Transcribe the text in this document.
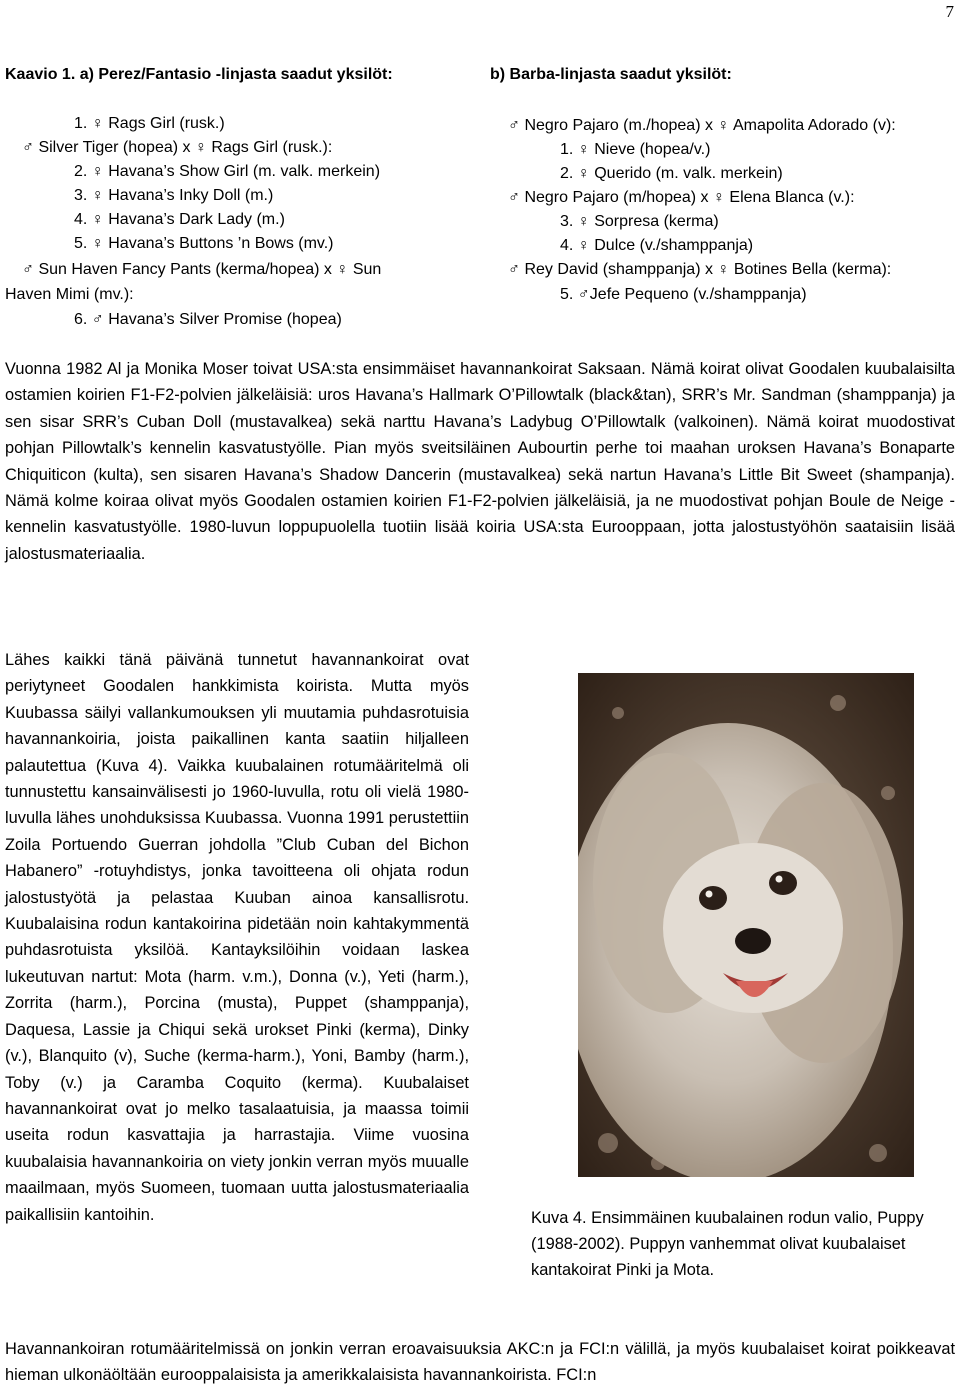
7
Kaavio 1. a) Perez/Fantasio -linjasta saadut yksilöt:	b) Barba-linjasta saadut yksilöt:
1. ♀ Rags Girl (rusk.)
♂ Silver Tiger (hopea) x ♀ Rags Girl (rusk.):
2. ♀ Havana’s Show Girl (m. valk. merkein)
3. ♀ Havana’s Inky Doll (m.)
4. ♀ Havana’s Dark Lady (m.)
5. ♀ Havana’s Buttons ’n Bows (mv.)
♂ Sun Haven Fancy Pants (kerma/hopea) x ♀ Sun
Haven Mimi (mv.):
6. ♂ Havana’s Silver Promise (hopea)
♂ Negro Pajaro (m./hopea) x ♀ Amapolita Adorado (v):
1. ♀ Nieve (hopea/v.)
2. ♀ Querido (m. valk. merkein)
♂ Negro Pajaro (m/hopea) x ♀ Elena Blanca (v.):
3. ♀ Sorpresa (kerma)
4. ♀ Dulce (v./shamppanja)
♂ Rey David (shamppanja) x ♀ Botines Bella (kerma):
5. ♂Jefe Pequeno (v./shamppanja)

Vuonna 1982 Al ja Monika Moser toivat USA:sta ensimmäiset havannankoirat Saksaan. Nämä koirat olivat Goodalen kuubalaisilta ostamien koirien F1-F2-polvien jälkeläisiä: uros Havana’s Hallmark O’Pillowtalk (black&tan), SRR’s Mr. Sandman (shamppanja) ja sen sisar SRR’s Cuban Doll (mustavalkea) sekä narttu Havana’s Ladybug O’Pillowtalk (valkoinen). Nämä koirat muodostivat pohjan Pillowtalk’s kennelin kasvatustyölle. Pian myös sveitsiläinen Aubourtin perhe toi maahan uroksen Havana’s Bonaparte Chiquiticon (kulta), sen sisaren Havana’s Shadow Dancerin (mustavalkea) sekä nartun Havana’s Little Bit Sweet (shampanja). Nämä kolme koiraa olivat myös Goodalen ostamien koirien F1-F2-polvien jälkeläisiä, ja ne muodostivat pohjan Boule de Neige -kennelin kasvatustyölle. 1980-luvun loppupuolella tuotiin lisää koiria USA:sta Eurooppaan, jotta jalostustyöhön saataisiin lisää jalostusmateriaalia.

Lähes kaikki tänä päivänä tunnetut havannankoirat ovat periytyneet Goodalen hankkimista koirista. Mutta myös Kuubassa säilyi vallankumouksen yli muutamia puhdasrotuisia havannankoiria, joista paikallinen kanta saatiin hiljalleen palautettua (Kuva 4). Vaikka kuubalainen rotumääritelmä oli tunnustettu kansainvälisesti jo 1960-luvulla, rotu oli vielä 1980-luvulla lähes unohduksissa Kuubassa. Vuonna 1991 perustettiin Zoila Portuendo Guerran johdolla ”Club Cuban del Bichon Habanero” -rotuyhdistys, jonka tavoitteena oli ohjata rodun jalostustyötä ja pelastaa Kuuban ainoa kansallisrotu. Kuubalaisina rodun kantakoirina pidetään noin kahtakymmentä puhdasrotuista yksilöä. Kantayksilöihin voidaan laskea lukeutuvan nartut: Mota (harm. v.m.), Donna (v.), Yeti (harm.), Zorrita (harm.), Porcina (musta), Puppet (shamppanja), Daquesa, Lassie ja Chiqui sekä urokset Pinki (kerma), Dinky (v.), Blanquito (v), Suche (kerma-harm.), Yoni, Bamby (harm.), Toby (v.) ja Caramba Coquito (kerma). Kuubalaiset havannankoirat ovat jo melko tasalaatuisia, ja maassa toimii useita rodun kasvattajia ja harrastajia. Viime vuosina kuubalaisia havannankoiria on viety jonkin verran myös muualle maailmaan, myös Suomeen, tuomaan uutta jalostusmateriaalia paikallisiin kantoihin.	Kuva 4. Ensimmäinen kuubalainen rodun valio, Puppy (1988-2002). Puppyn vanhemmat olivat kuubalaiset kantakoirat Pinki ja Mota.

Havannankoiran rotumääritelmissä on jonkin verran eroavaisuuksia AKC:n ja FCI:n välillä, ja myös kuubalaiset koirat poikkeavat hieman ulkonäöltään eurooppalaisista ja amerikkalaisista havannankoirista. FCI:n
